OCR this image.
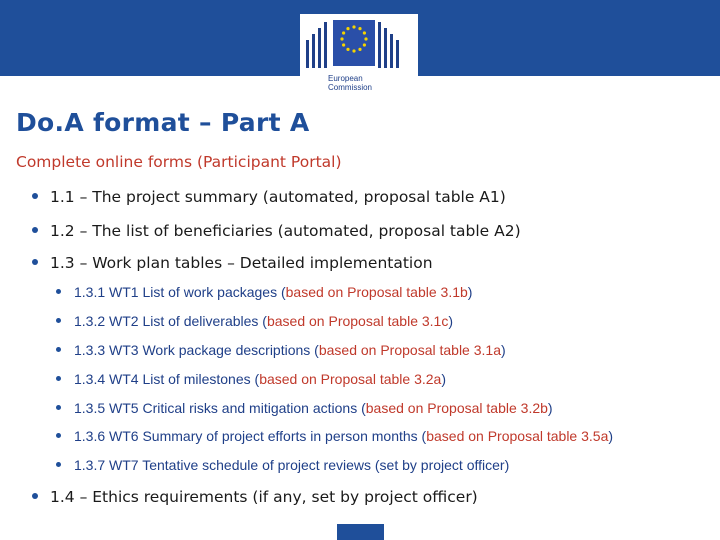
European
Commission
Do.A format – Part A
Complete online forms (Participant Portal)
1.1 – The project summary (automated, proposal table A1)
1.2 – The list of beneficiaries (automated, proposal table A2)
1.3 – Work plan tables – Detailed implementation
1.3.1 WT1 List of work packages (based on Proposal table 3.1b)
1.3.2 WT2 List of deliverables (based on Proposal table 3.1c)
1.3.3 WT3 Work package descriptions (based on Proposal table 3.1a)
1.3.4 WT4 List of milestones (based on Proposal table 3.2a)
1.3.5 WT5 Critical risks and mitigation actions (based on Proposal table 3.2b)
1.3.6 WT6 Summary of project efforts in person months (based on Proposal table 3.5a)
1.3.7 WT7 Tentative schedule of project reviews (set by project officer)
1.4 – Ethics requirements (if any, set by project officer)
